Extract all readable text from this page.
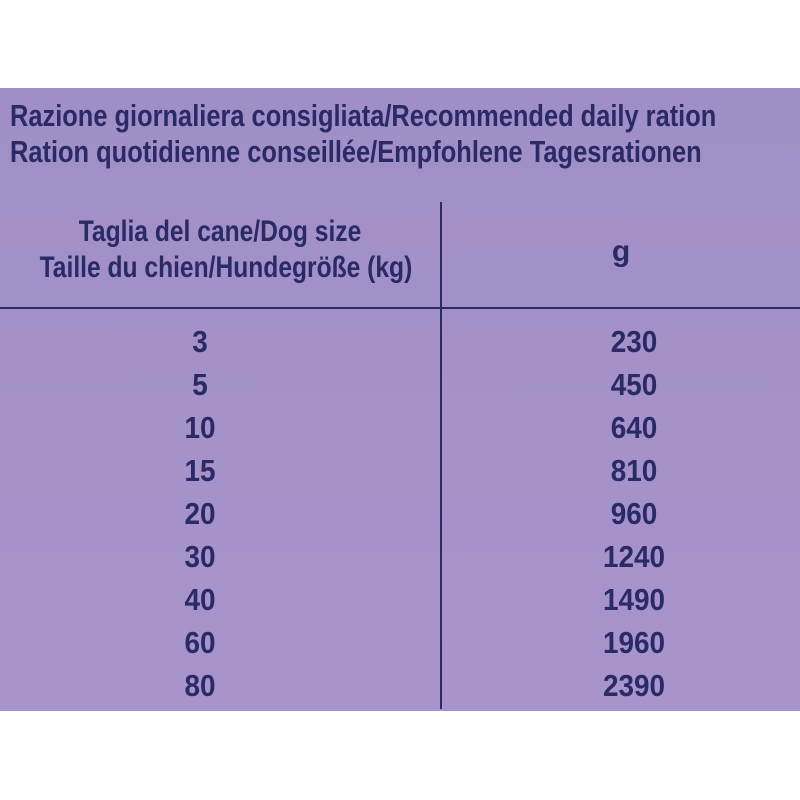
Razione giornaliera consigliata/Recommended daily ration
Ration quotidienne conseillée/Empfohlene Tagesrationen
Taglia del cane/Dog size
Taille du chien/Hundegröße (kg)	g
3
5
10
15
20
30
40
60
80
230
450
640
810
960
1240
1490
1960
2390
